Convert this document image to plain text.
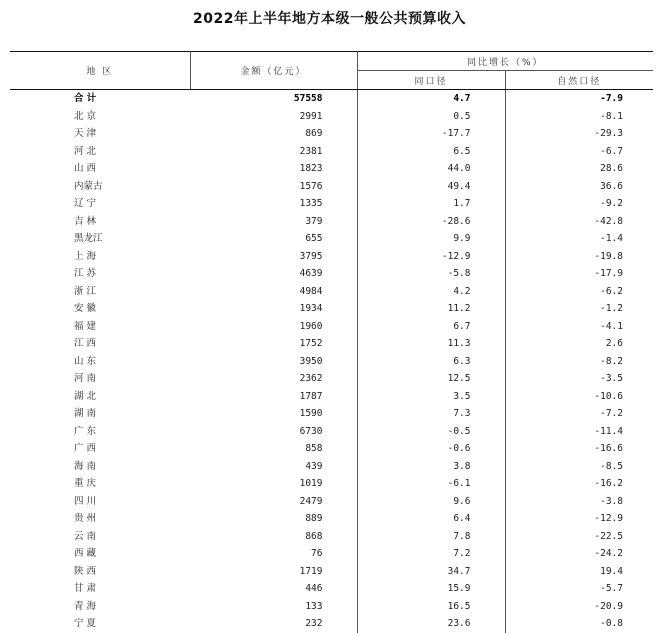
2022年上半年地方本级一般公共预算收入
地 区	金额（亿元）	同比增长（%）	
		同口径	自然口径
合 计	57558	4.7	-7.9
北 京	2991	0.5	-8.1
天 津	869	-17.7	-29.3
河 北	2381	6.5	-6.7
山 西	1823	44.0	28.6
内蒙古	1576	49.4	36.6
辽 宁	1335	1.7	-9.2
吉 林	379	-28.6	-42.8
黑龙江	655	9.9	-1.4
上 海	3795	-12.9	-19.8
江 苏	4639	-5.8	-17.9
浙 江	4984	4.2	-6.2
安 徽	1934	11.2	-1.2
福 建	1960	6.7	-4.1
江 西	1752	11.3	2.6
山 东	3950	6.3	-8.2
河 南	2362	12.5	-3.5
湖 北	1787	3.5	-10.6
湖 南	1590	7.3	-7.2
广 东	6730	-0.5	-11.4
广 西	858	-0.6	-16.6
海 南	439	3.8	-8.5
重 庆	1019	-6.1	-16.2
四 川	2479	9.6	-3.8
贵 州	889	6.4	-12.9
云 南	868	7.8	-22.5
西 藏	76	7.2	-24.2
陕 西	1719	34.7	19.4
甘 肃	446	15.9	-5.7
青 海	133	16.5	-20.9
宁 夏	232	23.6	-0.8
